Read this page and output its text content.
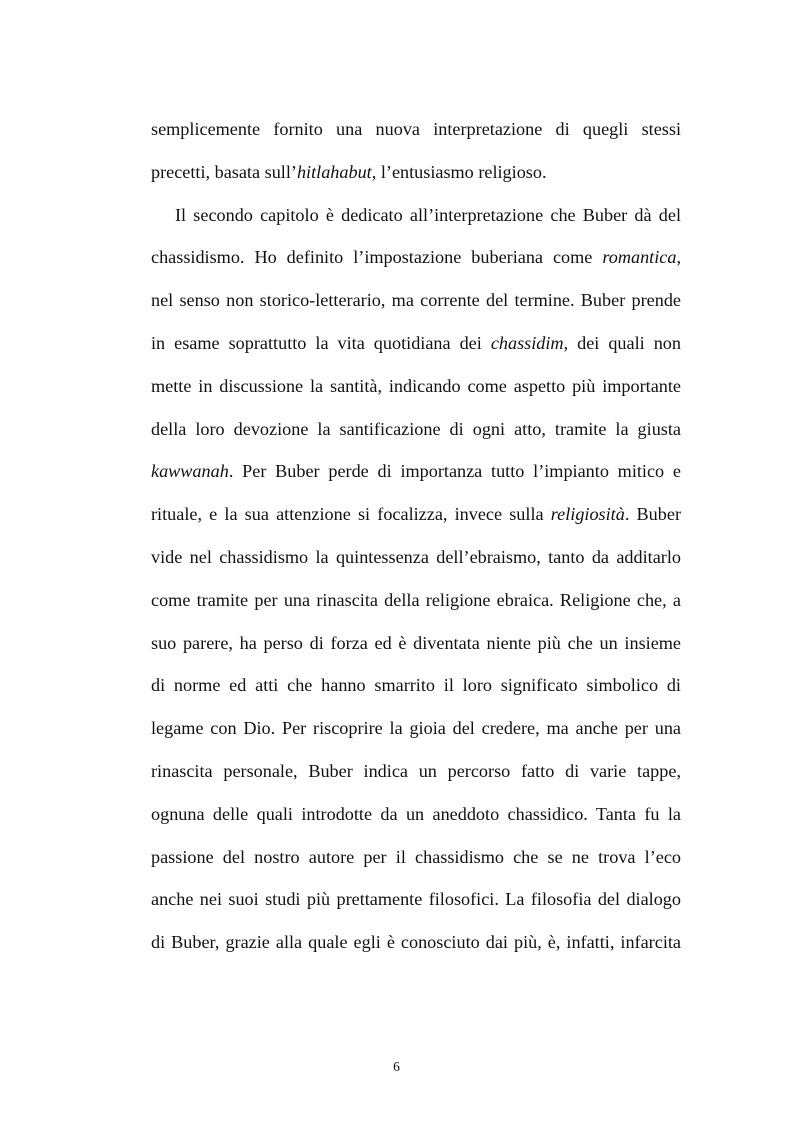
semplicemente fornito una nuova interpretazione di quegli stessi
precetti, basata sull’hitlahabut, l’entusiasmo religioso.
Il secondo capitolo è dedicato all’interpretazione che Buber dà del
chassidismo. Ho definito l’impostazione buberiana come romantica,
nel senso non storico-letterario, ma corrente del termine. Buber prende
in esame soprattutto la vita quotidiana dei chassidim, dei quali non
mette in discussione la santità, indicando come aspetto più importante
della loro devozione la santificazione di ogni atto, tramite la giusta
kawwanah. Per Buber perde di importanza tutto l’impianto mitico e
rituale, e la sua attenzione si focalizza, invece sulla religiosità. Buber
vide nel chassidismo la quintessenza dell’ebraismo, tanto da additarlo
come tramite per una rinascita della religione ebraica. Religione che, a
suo parere, ha perso di forza ed è diventata niente più che un insieme
di norme ed atti che hanno smarrito il loro significato simbolico di
legame con Dio. Per riscoprire la gioia del credere, ma anche per una
rinascita personale, Buber indica un percorso fatto di varie tappe,
ognuna delle quali introdotte da un aneddoto chassidico. Tanta fu la
passione del nostro autore per il chassidismo che se ne trova l’eco
anche nei suoi studi più prettamente filosofici. La filosofia del dialogo
di Buber, grazie alla quale egli è conosciuto dai più, è, infatti, infarcita
6
